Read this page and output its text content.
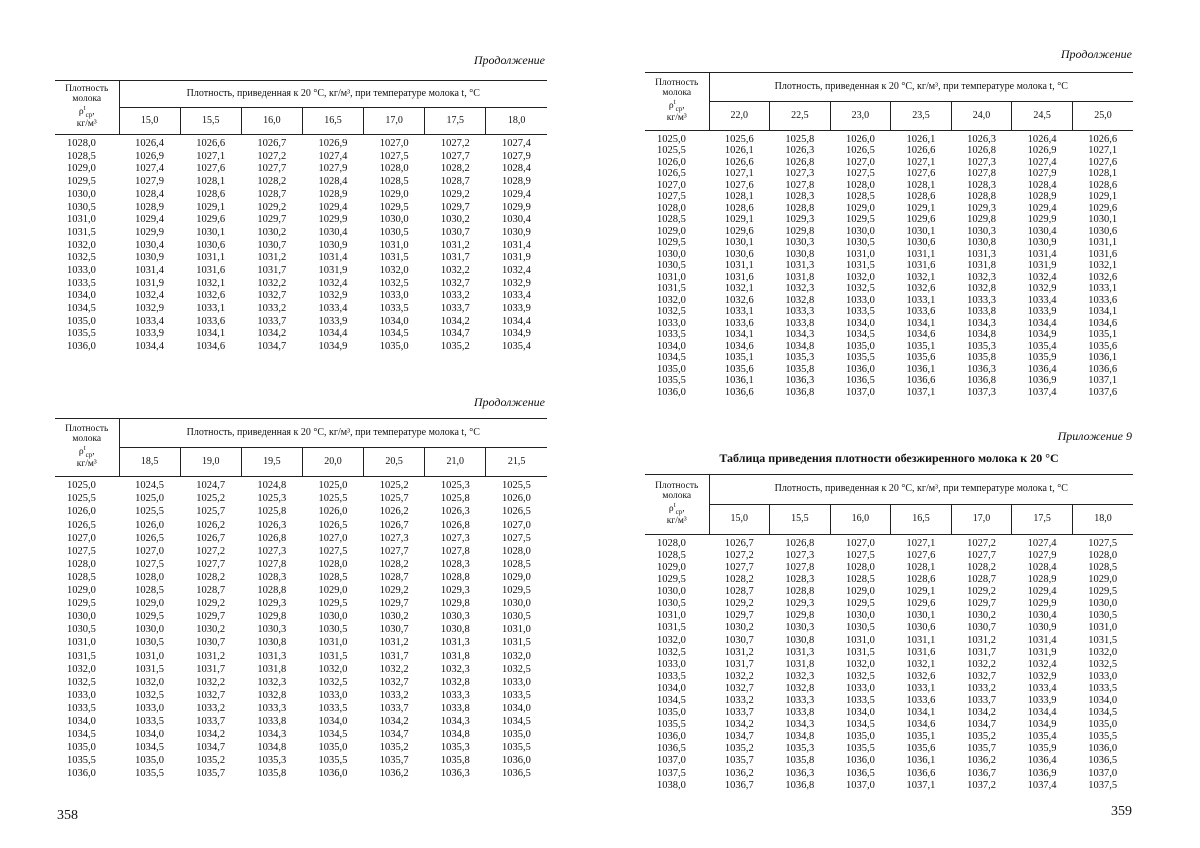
Продолжение
Плотность
молока
$\rho^t_{ср}$,
кг/м³	Плотность, приведенная к 20 °С, кг/м³, при температуре молока t, °С						
	15,0	15,5	16,0	16,5	17,0	17,5	18,0
1028,0	1026,4	1026,6	1026,7	1026,9	1027,0	1027,2	1027,4
1028,5	1026,9	1027,1	1027,2	1027,4	1027,5	1027,7	1027,9
1029,0	1027,4	1027,6	1027,7	1027,9	1028,0	1028,2	1028,4
1029,5	1027,9	1028,1	1028,2	1028,4	1028,5	1028,7	1028,9
1030,0	1028,4	1028,6	1028,7	1028,9	1029,0	1029,2	1029,4
1030,5	1028,9	1029,1	1029,2	1029,4	1029,5	1029,7	1029,9
1031,0	1029,4	1029,6	1029,7	1029,9	1030,0	1030,2	1030,4
1031,5	1029,9	1030,1	1030,2	1030,4	1030,5	1030,7	1030,9
1032,0	1030,4	1030,6	1030,7	1030,9	1031,0	1031,2	1031,4
1032,5	1030,9	1031,1	1031,2	1031,4	1031,5	1031,7	1031,9
1033,0	1031,4	1031,6	1031,7	1031,9	1032,0	1032,2	1032,4
1033,5	1031,9	1032,1	1032,2	1032,4	1032,5	1032,7	1032,9
1034,0	1032,4	1032,6	1032,7	1032,9	1033,0	1033,2	1033,4
1034,5	1032,9	1033,1	1033,2	1033,4	1033,5	1033,7	1033,9
1035,0	1033,4	1033,6	1033,7	1033,9	1034,0	1034,2	1034,4
1035,5	1033,9	1034,1	1034,2	1034,4	1034,5	1034,7	1034,9
1036,0	1034,4	1034,6	1034,7	1034,9	1035,0	1035,2	1035,4
Продолжение
Плотность
молока
$\rho^t_{ср}$,
кг/м³	Плотность, приведенная к 20 °С, кг/м³, при температуре молока t, °С						
	18,5	19,0	19,5	20,0	20,5	21,0	21,5
1025,0	1024,5	1024,7	1024,8	1025,0	1025,2	1025,3	1025,5
1025,5	1025,0	1025,2	1025,3	1025,5	1025,7	1025,8	1026,0
1026,0	1025,5	1025,7	1025,8	1026,0	1026,2	1026,3	1026,5
1026,5	1026,0	1026,2	1026,3	1026,5	1026,7	1026,8	1027,0
1027,0	1026,5	1026,7	1026,8	1027,0	1027,3	1027,3	1027,5
1027,5	1027,0	1027,2	1027,3	1027,5	1027,7	1027,8	1028,0
1028,0	1027,5	1027,7	1027,8	1028,0	1028,2	1028,3	1028,5
1028,5	1028,0	1028,2	1028,3	1028,5	1028,7	1028,8	1029,0
1029,0	1028,5	1028,7	1028,8	1029,0	1029,2	1029,3	1029,5
1029,5	1029,0	1029,2	1029,3	1029,5	1029,7	1029,8	1030,0
1030,0	1029,5	1029,7	1029,8	1030,0	1030,2	1030,3	1030,5
1030,5	1030,0	1030,2	1030,3	1030,5	1030,7	1030,8	1031,0
1031,0	1030,5	1030,7	1030,8	1031,0	1031,2	1031,3	1031,5
1031,5	1031,0	1031,2	1031,3	1031,5	1031,7	1031,8	1032,0
1032,0	1031,5	1031,7	1031,8	1032,0	1032,2	1032,3	1032,5
1032,5	1032,0	1032,2	1032,3	1032,5	1032,7	1032,8	1033,0
1033,0	1032,5	1032,7	1032,8	1033,0	1033,2	1033,3	1033,5
1033,5	1033,0	1033,2	1033,3	1033,5	1033,7	1033,8	1034,0
1034,0	1033,5	1033,7	1033,8	1034,0	1034,2	1034,3	1034,5
1034,5	1034,0	1034,2	1034,3	1034,5	1034,7	1034,8	1035,0
1035,0	1034,5	1034,7	1034,8	1035,0	1035,2	1035,3	1035,5
1035,5	1035,0	1035,2	1035,3	1035,5	1035,7	1035,8	1036,0
1036,0	1035,5	1035,7	1035,8	1036,0	1036,2	1036,3	1036,5
358
Продолжение
Плотность
молока
$\rho^t_{ср}$,
кг/м³	Плотность, приведенная к 20 °С, кг/м³, при температуре молока t, °С						
	22,0	22,5	23,0	23,5	24,0	24,5	25,0
1025,0	1025,6	1025,8	1026,0	1026,1	1026,3	1026,4	1026,6
1025,5	1026,1	1026,3	1026,5	1026,6	1026,8	1026,9	1027,1
1026,0	1026,6	1026,8	1027,0	1027,1	1027,3	1027,4	1027,6
1026,5	1027,1	1027,3	1027,5	1027,6	1027,8	1027,9	1028,1
1027,0	1027,6	1027,8	1028,0	1028,1	1028,3	1028,4	1028,6
1027,5	1028,1	1028,3	1028,5	1028,6	1028,8	1028,9	1029,1
1028,0	1028,6	1028,8	1029,0	1029,1	1029,3	1029,4	1029,6
1028,5	1029,1	1029,3	1029,5	1029,6	1029,8	1029,9	1030,1
1029,0	1029,6	1029,8	1030,0	1030,1	1030,3	1030,4	1030,6
1029,5	1030,1	1030,3	1030,5	1030,6	1030,8	1030,9	1031,1
1030,0	1030,6	1030,8	1031,0	1031,1	1031,3	1031,4	1031,6
1030,5	1031,1	1031,3	1031,5	1031,6	1031,8	1031,9	1032,1
1031,0	1031,6	1031,8	1032,0	1032,1	1032,3	1032,4	1032,6
1031,5	1032,1	1032,3	1032,5	1032,6	1032,8	1032,9	1033,1
1032,0	1032,6	1032,8	1033,0	1033,1	1033,3	1033,4	1033,6
1032,5	1033,1	1033,3	1033,5	1033,6	1033,8	1033,9	1034,1
1033,0	1033,6	1033,8	1034,0	1034,1	1034,3	1034,4	1034,6
1033,5	1034,1	1034,3	1034,5	1034,6	1034,8	1034,9	1035,1
1034,0	1034,6	1034,8	1035,0	1035,1	1035,3	1035,4	1035,6
1034,5	1035,1	1035,3	1035,5	1035,6	1035,8	1035,9	1036,1
1035,0	1035,6	1035,8	1036,0	1036,1	1036,3	1036,4	1036,6
1035,5	1036,1	1036,3	1036,5	1036,6	1036,8	1036,9	1037,1
1036,0	1036,6	1036,8	1037,0	1037,1	1037,3	1037,4	1037,6
Приложение 9
Таблица приведения плотности обезжиренного молока к 20 °С
Плотность
молока
$\rho^t_{ср}$,
кг/м³	Плотность, приведенная к 20 °С, кг/м³, при температуре молока t, °С						
	15,0	15,5	16,0	16,5	17,0	17,5	18,0
1028,0	1026,7	1026,8	1027,0	1027,1	1027,2	1027,4	1027,5
1028,5	1027,2	1027,3	1027,5	1027,6	1027,7	1027,9	1028,0
1029,0	1027,7	1027,8	1028,0	1028,1	1028,2	1028,4	1028,5
1029,5	1028,2	1028,3	1028,5	1028,6	1028,7	1028,9	1029,0
1030,0	1028,7	1028,8	1029,0	1029,1	1029,2	1029,4	1029,5
1030,5	1029,2	1029,3	1029,5	1029,6	1029,7	1029,9	1030,0
1031,0	1029,7	1029,8	1030,0	1030,1	1030,2	1030,4	1030,5
1031,5	1030,2	1030,3	1030,5	1030,6	1030,7	1030,9	1031,0
1032,0	1030,7	1030,8	1031,0	1031,1	1031,2	1031,4	1031,5
1032,5	1031,2	1031,3	1031,5	1031,6	1031,7	1031,9	1032,0
1033,0	1031,7	1031,8	1032,0	1032,1	1032,2	1032,4	1032,5
1033,5	1032,2	1032,3	1032,5	1032,6	1032,7	1032,9	1033,0
1034,0	1032,7	1032,8	1033,0	1033,1	1033,2	1033,4	1033,5
1034,5	1033,2	1033,3	1033,5	1033,6	1033,7	1033,9	1034,0
1035,0	1033,7	1033,8	1034,0	1034,1	1034,2	1034,4	1034,5
1035,5	1034,2	1034,3	1034,5	1034,6	1034,7	1034,9	1035,0
1036,0	1034,7	1034,8	1035,0	1035,1	1035,2	1035,4	1035,5
1036,5	1035,2	1035,3	1035,5	1035,6	1035,7	1035,9	1036,0
1037,0	1035,7	1035,8	1036,0	1036,1	1036,2	1036,4	1036,5
1037,5	1036,2	1036,3	1036,5	1036,6	1036,7	1036,9	1037,0
1038,0	1036,7	1036,8	1037,0	1037,1	1037,2	1037,4	1037,5
359
